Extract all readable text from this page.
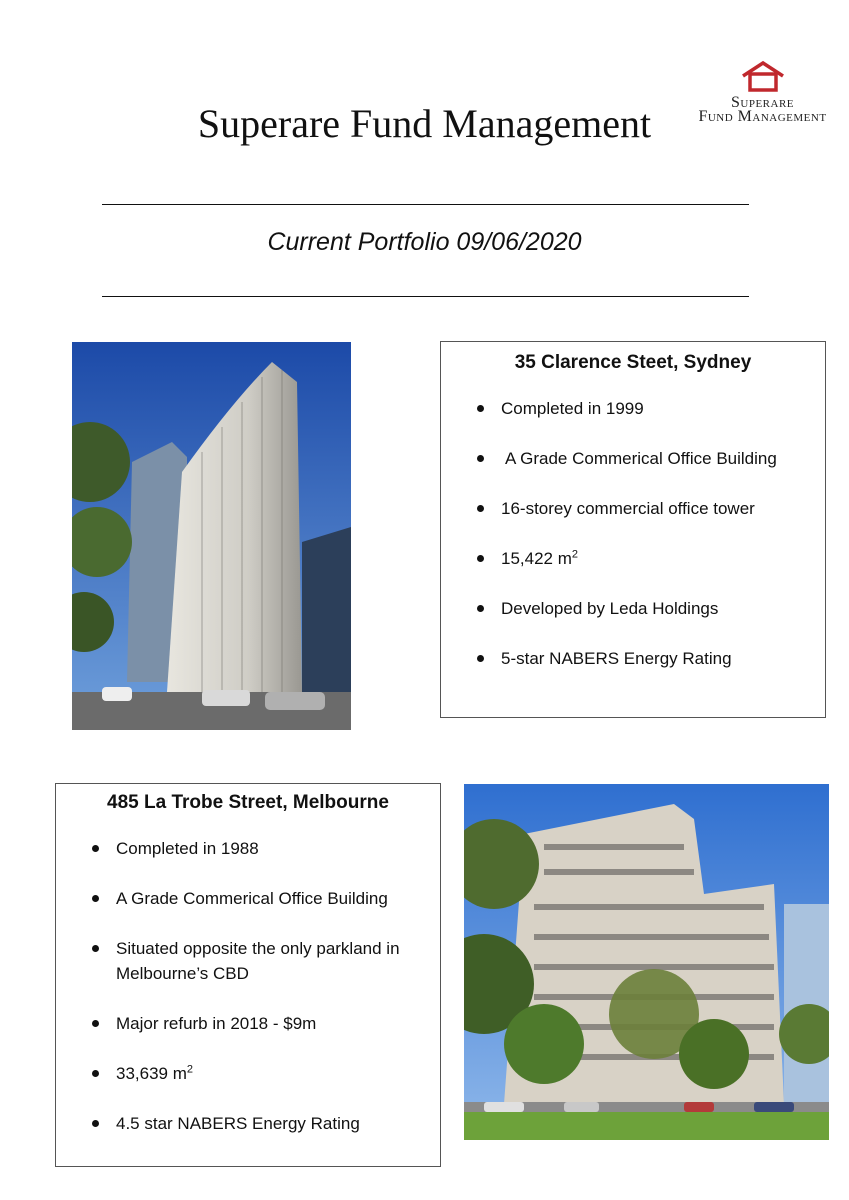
Superare Fund Management	Superare
Fund Management
Current Portfolio 09/06/2020
35 Clarence Steet, Sydney
Completed in 1999
A Grade Commerical Office Building
16-storey commercial office tower
15,422 $m^2$
Developed by Leda Holdings
5-star NABERS Energy Rating
485 La Trobe Street, Melbourne
Completed in 1988
A Grade Commerical Office Building
Situated opposite the only parkland in Melbourne’s CBD
Major refurb in 2018 - $9m
33,639 $m^2$
4.5 star NABERS Energy Rating
